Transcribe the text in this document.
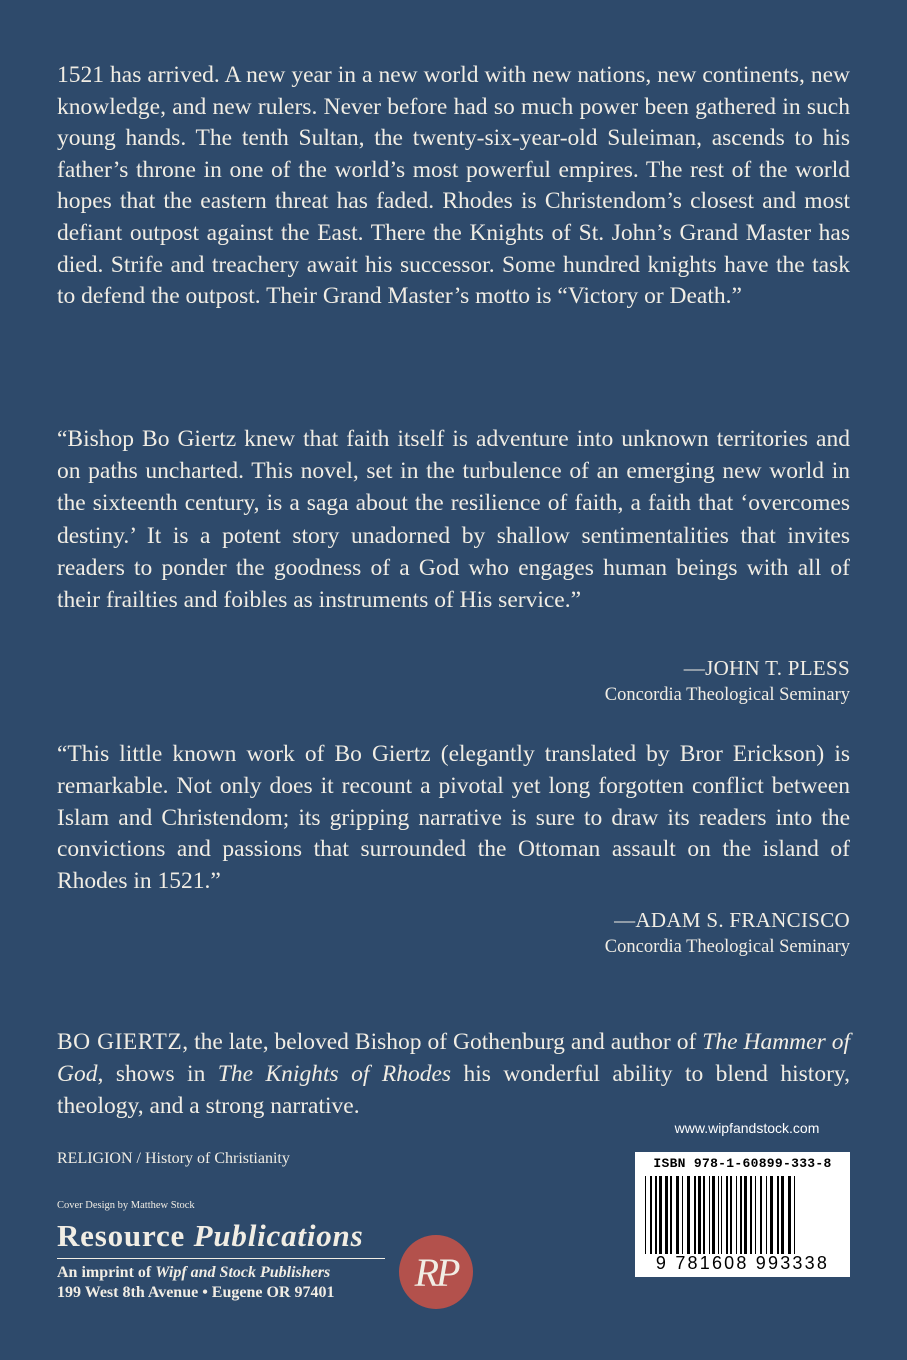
1521 has arrived. A new year in a new world with new nations, new continents, new knowledge, and new rulers. Never before had so much power been gathered in such young hands. The tenth Sultan, the twenty-six-year-old Suleiman, ascends to his father’s throne in one of the world’s most powerful empires. The rest of the world hopes that the eastern threat has faded. Rhodes is Christendom’s closest and most defiant outpost against the East. There the Knights of St. John’s Grand Master has died. Strife and treachery await his successor. Some hundred knights have the task to defend the outpost. Their Grand Master’s motto is “Victory or Death.”

“Bishop Bo Giertz knew that faith itself is adventure into unknown territories and on paths uncharted. This novel, set in the turbulence of an emerging new world in the sixteenth century, is a saga about the resilience of faith, a faith that ‘overcomes destiny.’ It is a potent story unadorned by shallow sentimentalities that invites readers to ponder the goodness of a God who engages human beings with all of their frailties and foibles as instruments of His service.”

—JOHN T. PLESS
Concordia Theological Seminary

“This little known work of Bo Giertz (elegantly translated by Bror Erickson) is remarkable. Not only does it recount a pivotal yet long forgotten conflict between Islam and Christendom; its gripping narrative is sure to draw its readers into the convictions and passions that surrounded the Ottoman assault on the island of Rhodes in 1521.”

—ADAM S. FRANCISCO
Concordia Theological Seminary

BO GIERTZ, the late, beloved Bishop of Gothenburg and author of The Hammer of God, shows in The Knights of Rhodes his wonderful ability to blend history, theology, and a strong narrative.

RELIGION / History of Christianity

Cover Design by Matthew Stock

Resource Publications
An imprint of Wipf and Stock Publishers
199 West 8th Avenue • Eugene OR 97401	RP

www.wipfandstock.com

ISBN 978-1-60899-333-8

9 781608 993338
